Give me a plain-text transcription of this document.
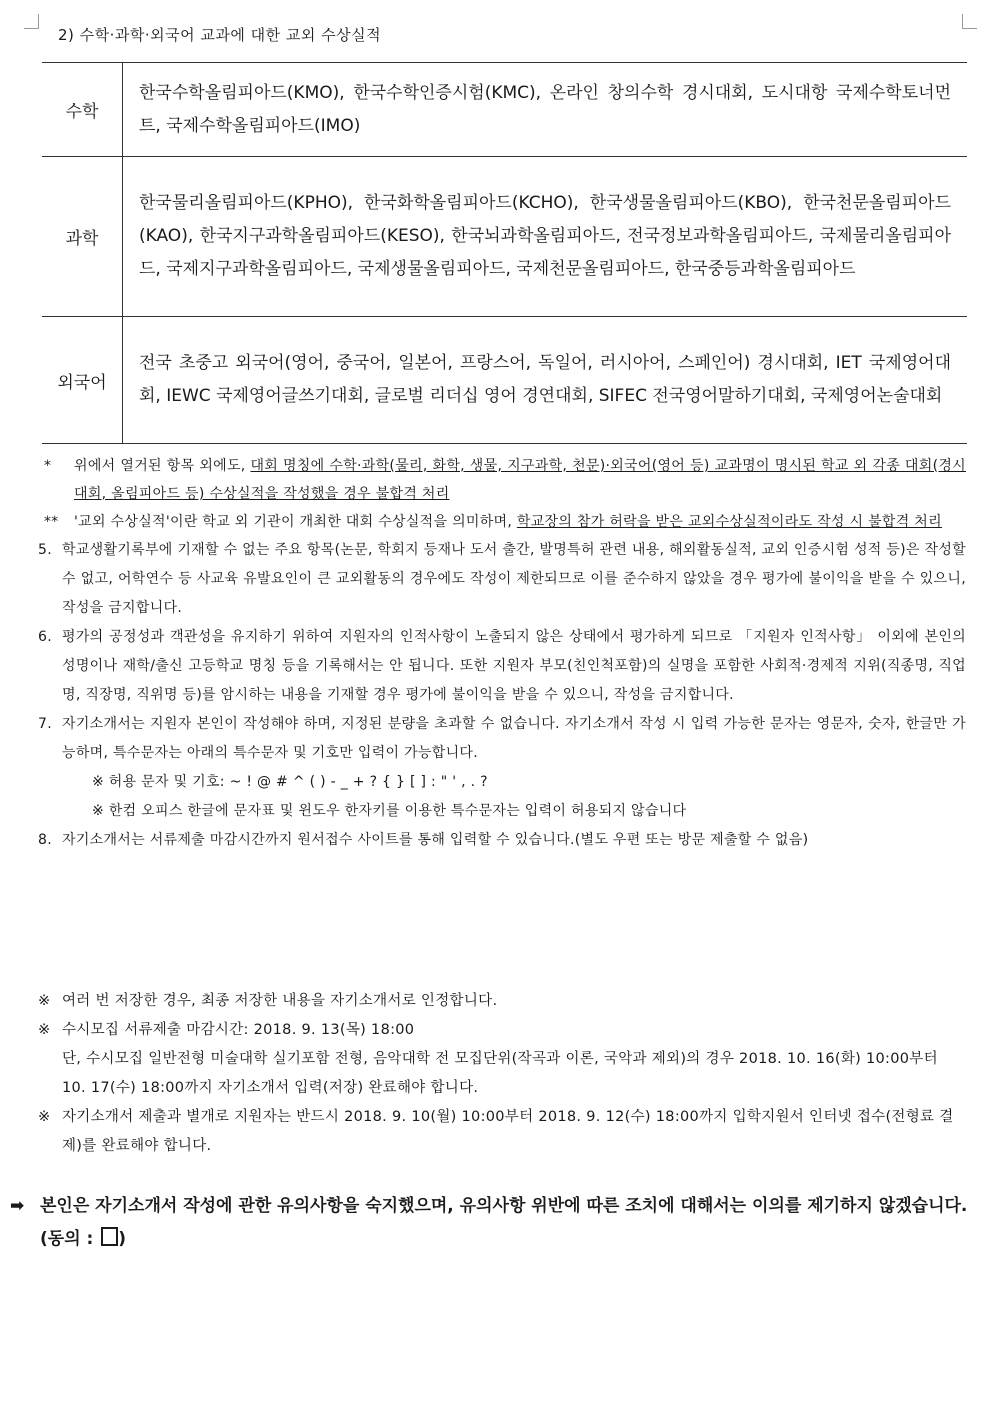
2) 수학·과학·외국어 교과에 대한 교외 수상실적
수학	한국수학올림피아드(KMO), 한국수학인증시험(KMC), 온라인 창의수학 경시대회, 도시대항 국제수학토너먼트, 국제수학올림피아드(IMO)
과학	한국물리올림피아드(KPHO), 한국화학올림피아드(KCHO), 한국생물올림피아드(KBO), 한국천문올림피아드(KAO), 한국지구과학올림피아드(KESO), 한국뇌과학올림피아드, 전국정보과학올림피아드, 국제물리올림피아드, 국제지구과학올림피아드, 국제생물올림피아드, 국제천문올림피아드, 한국중등과학올림피아드
외국어	전국 초중고 외국어(영어, 중국어, 일본어, 프랑스어, 독일어, 러시아어, 스페인어) 경시대회, IET 국제영어대회, IEWC 국제영어글쓰기대회, 글로벌 리더십 영어 경연대회, SIFEC 전국영어말하기대회, 국제영어논술대회
*	위에서 열거된 항목 외에도, 대회 명칭에 수학·과학(물리, 화학, 생물, 지구과학, 천문)·외국어(영어 등) 교과명이 명시된 학교 외 각종 대회(경시대회, 올림피아드 등) 수상실적을 작성했을 경우 불합격 처리
**	'교외 수상실적'이란 학교 외 기관이 개최한 대회 수상실적을 의미하며, 학교장의 참가 허락을 받은 교외수상실적이라도 작성 시 불합격 처리
5. 학교생활기록부에 기재할 수 없는 주요 항목(논문, 학회지 등재나 도서 출간, 발명특허 관련 내용, 해외활동실적, 교외 인증시험 성적 등)은 작성할 수 없고, 어학연수 등 사교육 유발요인이 큰 교외활동의 경우에도 작성이 제한되므로 이를 준수하지 않았을 경우 평가에 불이익을 받을 수 있으니, 작성을 금지합니다.
6. 평가의 공정성과 객관성을 유지하기 위하여 지원자의 인적사항이 노출되지 않은 상태에서 평가하게 되므로 「지원자 인적사항」 이외에 본인의 성명이나 재학/출신 고등학교 명칭 등을 기록해서는 안 됩니다. 또한 지원자 부모(친인척포함)의 실명을 포함한 사회적·경제적 지위(직종명, 직업명, 직장명, 직위명 등)를 암시하는 내용을 기재할 경우 평가에 불이익을 받을 수 있으니, 작성을 금지합니다.
7. 자기소개서는 지원자 본인이 작성해야 하며, 지정된 분량을 초과할 수 없습니다. 자기소개서 작성 시 입력 가능한 문자는 영문자, 숫자, 한글만 가능하며, 특수문자는 아래의 특수문자 및 기호만 입력이 가능합니다.
※ 허용 문자 및 기호: ~ ! @ # ^ ( ) - _ + ? { } [ ] : " ' , . ?
※ 한컴 오피스 한글에 문자표 및 윈도우 한자키를 이용한 특수문자는 입력이 허용되지 않습니다
8. 자기소개서는 서류제출 마감시간까지 원서접수 사이트를 통해 입력할 수 있습니다.(별도 우편 또는 방문 제출할 수 없음)
※ 여러 번 저장한 경우, 최종 저장한 내용을 자기소개서로 인정합니다.
※ 수시모집 서류제출 마감시간: 2018. 9. 13(목) 18:00
단, 수시모집 일반전형 미술대학 실기포함 전형, 음악대학 전 모집단위(작곡과 이론, 국악과 제외)의 경우 2018. 10. 16(화) 10:00부터 10. 17(수) 18:00까지 자기소개서 입력(저장) 완료해야 합니다.
※ 자기소개서 제출과 별개로 지원자는 반드시 2018. 9. 10(월) 10:00부터 2018. 9. 12(수) 18:00까지 입학지원서 인터넷 접수(전형료 결제)를 완료해야 합니다.
➡ 본인은 자기소개서 작성에 관한 유의사항을 숙지했으며, 유의사항 위반에 따른 조치에 대해서는 이의를 제기하지 않겠습니다. (동의 : )
